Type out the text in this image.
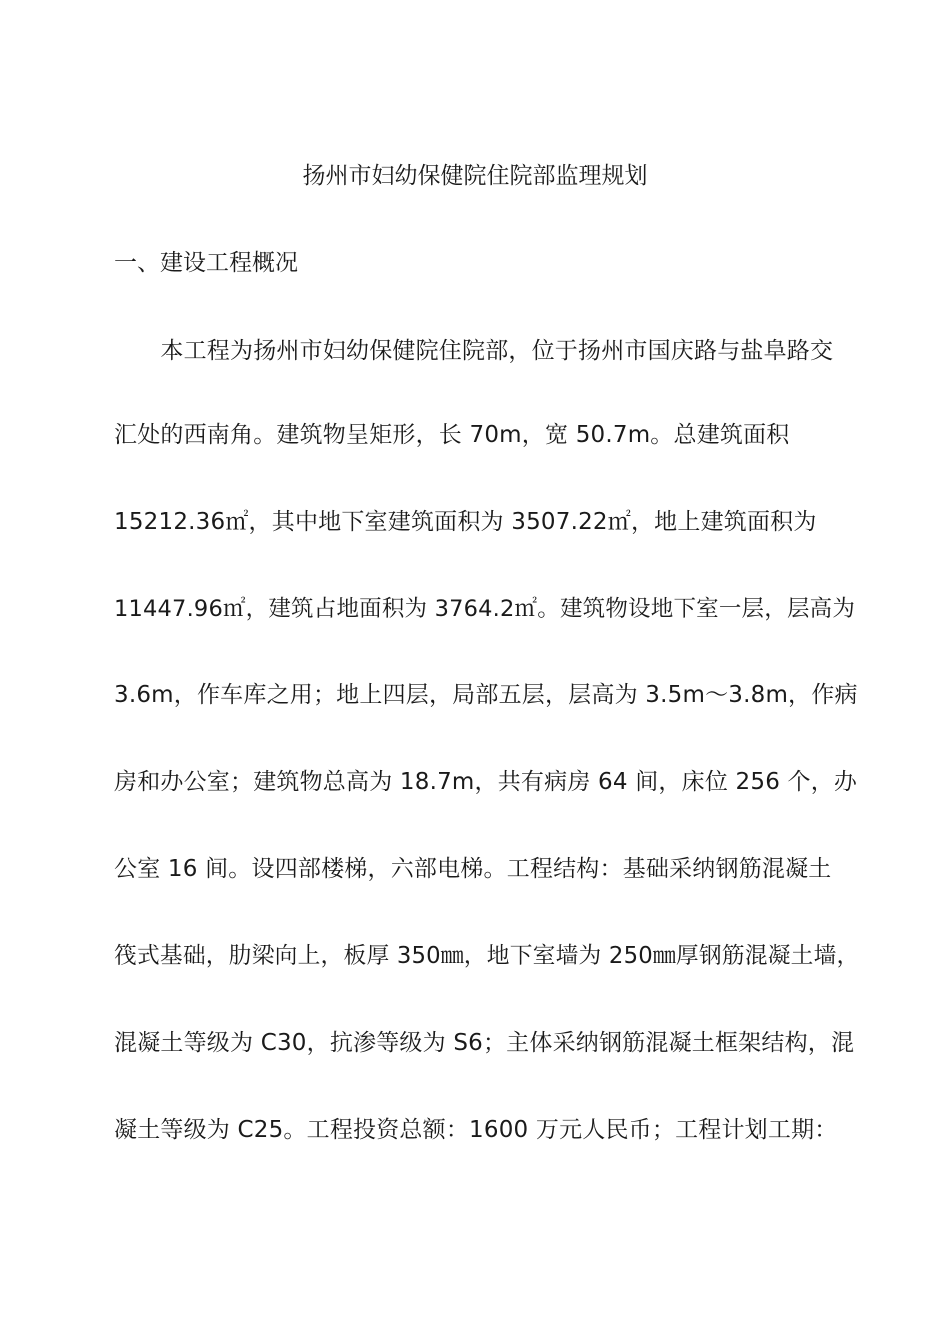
扬州市妇幼保健院住院部监理规划
一、建设工程概况
　　本工程为扬州市妇幼保健院住院部，位于扬州市国庆路与盐阜路交
汇处的西南角。建筑物呈矩形，长 70m，宽 50.7m。总建筑面积
15212.36㎡，其中地下室建筑面积为 3507.22㎡，地上建筑面积为
11447.96㎡，建筑占地面积为 3764.2㎡。建筑物设地下室一层，层高为
3.6m，作车库之用；地上四层，局部五层，层高为 3.5m～3.8m，作病
房和办公室；建筑物总高为 18.7m，共有病房 64 间，床位 256 个，办
公室 16 间。设四部楼梯，六部电梯。工程结构：基础采纳钢筋混凝土
筏式基础，肋梁向上，板厚 350㎜，地下室墙为 250㎜厚钢筋混凝土墙，
混凝土等级为 C30，抗渗等级为 S6；主体采纳钢筋混凝土框架结构，混
凝土等级为 C25。工程投资总额：1600 万元人民币；工程计划工期：
